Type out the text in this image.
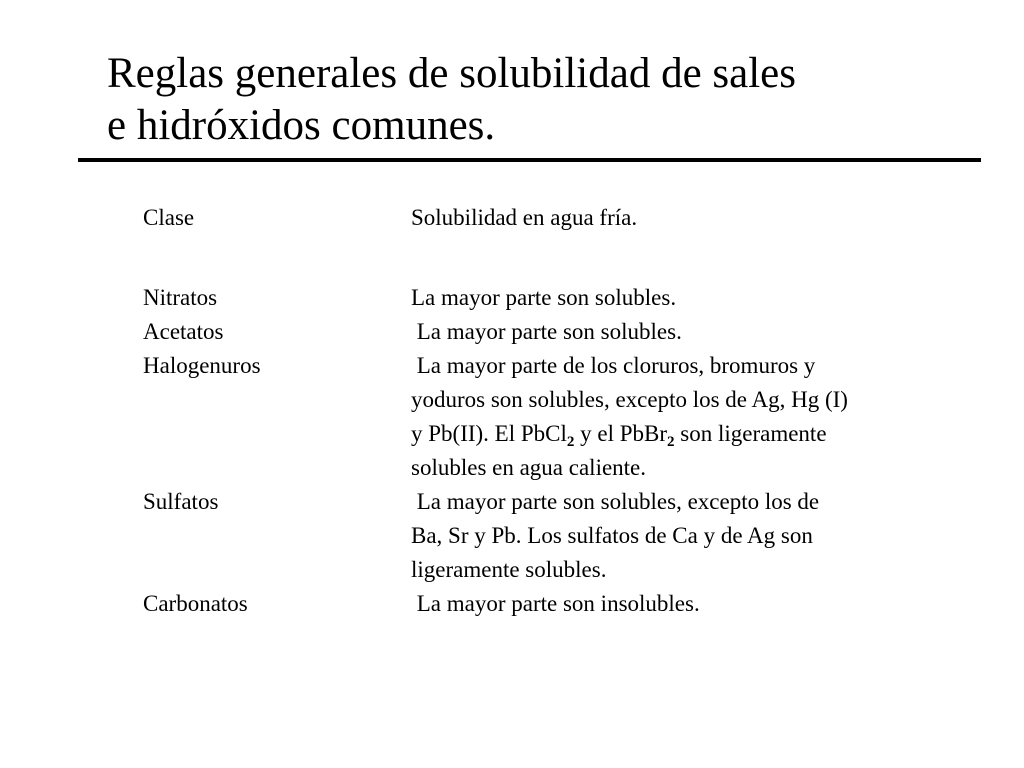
Reglas generales de solubilidad de sales
e hidróxidos comunes.
Clase	Solubilidad en agua fría.
Nitratos	La mayor parte son solubles.
Acetatos	La mayor parte son solubles.
Halogenuros	La mayor parte de los cloruros, bromuros y
yoduros son solubles, excepto los de Ag, Hg (I)
y Pb(II). El PbCl$_2$ y el PbBr$_2$ son ligeramente
solubles en agua caliente.
Sulfatos	La mayor parte son solubles, excepto los de
Ba, Sr y Pb. Los sulfatos de Ca y de Ag son
ligeramente solubles.
Carbonatos	La mayor parte son insolubles.
